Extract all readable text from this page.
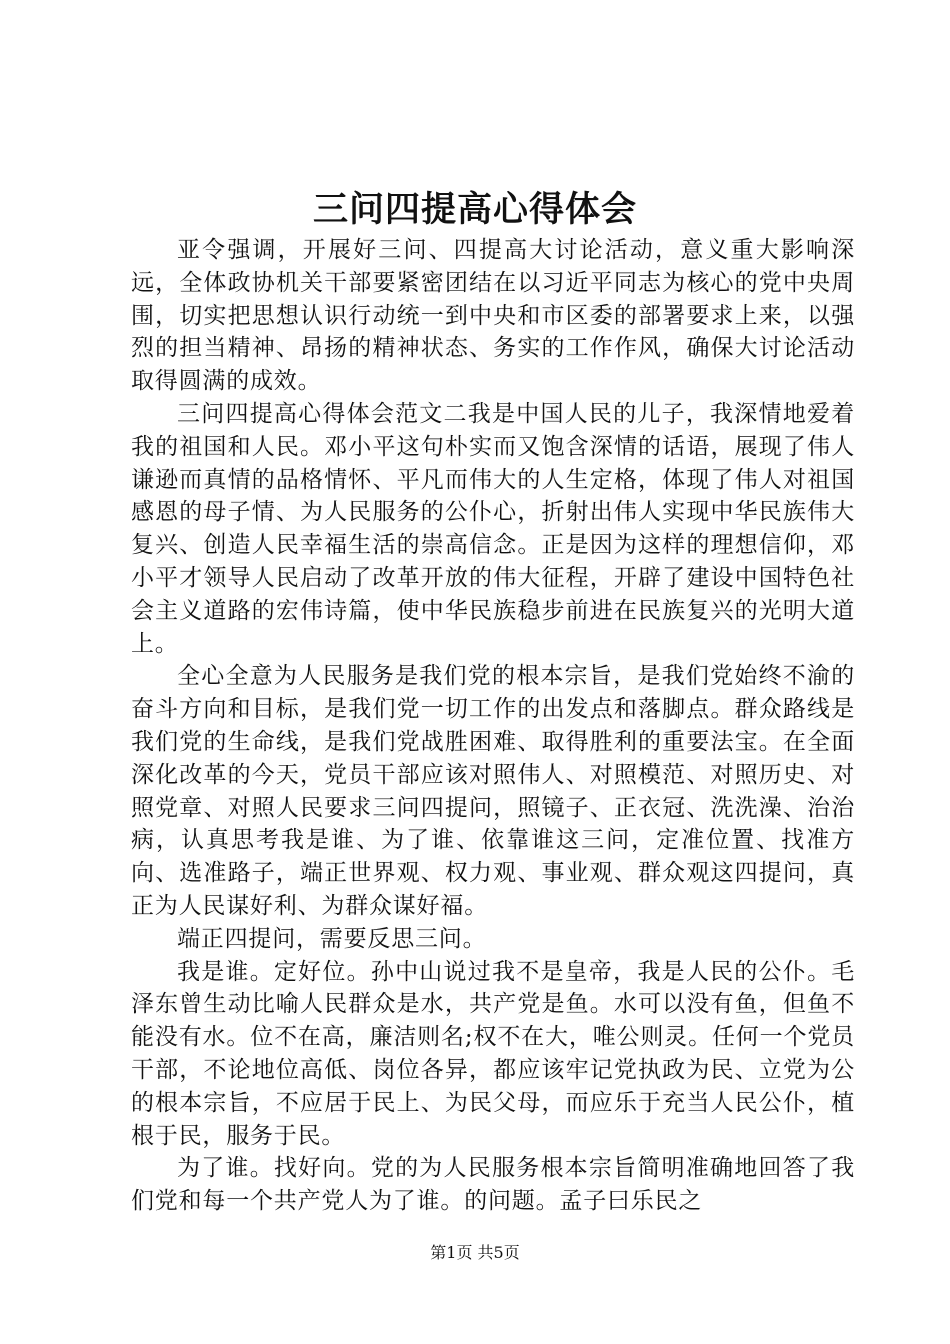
三问四提高心得体会

亚令强调，开展好三问、四提高大讨论活动，意义重大影响深远，全体政协机关干部要紧密团结在以习近平同志为核心的党中央周围，切实把思想认识行动统一到中央和市区委的部署要求上来，以强烈的担当精神、昂扬的精神状态、务实的工作作风，确保大讨论活动取得圆满的成效。

三问四提高心得体会范文二我是中国人民的儿子，我深情地爱着我的祖国和人民。邓小平这句朴实而又饱含深情的话语，展现了伟人谦逊而真情的品格情怀、平凡而伟大的人生定格，体现了伟人对祖国感恩的母子情、为人民服务的公仆心，折射出伟人实现中华民族伟大复兴、创造人民幸福生活的崇高信念。正是因为这样的理想信仰，邓小平才领导人民启动了改革开放的伟大征程，开辟了建设中国特色社会主义道路的宏伟诗篇，使中华民族稳步前进在民族复兴的光明大道上。

全心全意为人民服务是我们党的根本宗旨，是我们党始终不渝的奋斗方向和目标，是我们党一切工作的出发点和落脚点。群众路线是我们党的生命线，是我们党战胜困难、取得胜利的重要法宝。在全面深化改革的今天，党员干部应该对照伟人、对照模范、对照历史、对照党章、对照人民要求三问四提问，照镜子、正衣冠、洗洗澡、治治病，认真思考我是谁、为了谁、依靠谁这三问，定准位置、找准方向、选准路子，端正世界观、权力观、事业观、群众观这四提问，真正为人民谋好利、为群众谋好福。

端正四提问，需要反思三问。

我是谁。定好位。孙中山说过我不是皇帝，我是人民的公仆。毛泽东曾生动比喻人民群众是水，共产党是鱼。水可以没有鱼，但鱼不能没有水。位不在高，廉洁则名;权不在大，唯公则灵。任何一个党员干部，不论地位高低、岗位各异，都应该牢记党执政为民、立党为公的根本宗旨，不应居于民上、为民父母，而应乐于充当人民公仆，植根于民，服务于民。

为了谁。找好向。党的为人民服务根本宗旨简明准确地回答了我们党和每一个共产党人为了谁。的问题。孟子曰乐民之

第1页 共5页
